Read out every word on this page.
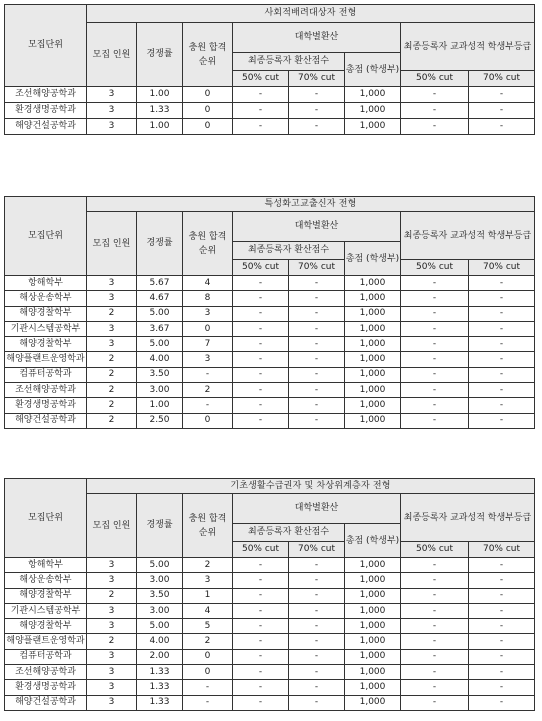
모집단위	사회적배려대상자 전형							
	모집 인원	경쟁률	충원 합격 순위	대학별환산			최종등록자 교과성적 학생부등급	
				최종등록자 환산점수		총점 (학생부)		
				50% cut	70% cut		50% cut	70% cut
조선해양공학과	3	1.00	0	-	-	1,000	-	-
환경생명공학과	3	1.33	0	-	-	1,000	-	-
해양건설공학과	3	1.00	0	-	-	1,000	-	-
모집단위	특성화고교출신자 전형							
	모집 인원	경쟁률	충원 합격 순위	대학별환산			최종등록자 교과성적 학생부등급	
				최종등록자 환산점수		총점 (학생부)		
				50% cut	70% cut		50% cut	70% cut
항해학부	3	5.67	4	-	-	1,000	-	-
해상운송학부	3	4.67	8	-	-	1,000	-	-
해양경찰학부	2	5.00	3	-	-	1,000	-	-
기관시스템공학부	3	3.67	0	-	-	1,000	-	-
해양경찰학부	3	5.00	7	-	-	1,000	-	-
해양플랜트운영학과	2	4.00	3	-	-	1,000	-	-
컴퓨터공학과	2	3.50	-	-	-	1,000	-	-
조선해양공학과	2	3.00	2	-	-	1,000	-	-
환경생명공학과	2	1.00	-	-	-	1,000	-	-
해양건설공학과	2	2.50	0	-	-	1,000	-	-
모집단위	기초생활수급권자 및 차상위계층자 전형							
	모집 인원	경쟁률	충원 합격 순위	대학별환산			최종등록자 교과성적 학생부등급	
				최종등록자 환산점수		총점 (학생부)		
				50% cut	70% cut		50% cut	70% cut
항해학부	3	5.00	2	-	-	1,000	-	-
해상운송학부	3	3.00	3	-	-	1,000	-	-
해양경찰학부	2	3.50	1	-	-	1,000	-	-
기관시스템공학부	3	3.00	4	-	-	1,000	-	-
해양경찰학부	3	5.00	5	-	-	1,000	-	-
해양플랜트운영학과	2	4.00	2	-	-	1,000	-	-
컴퓨터공학과	3	2.00	0	-	-	1,000	-	-
조선해양공학과	3	1.33	0	-	-	1,000	-	-
환경생명공학과	3	1.33	-	-	-	1,000	-	-
해양건설공학과	3	1.33	-	-	-	1,000	-	-
